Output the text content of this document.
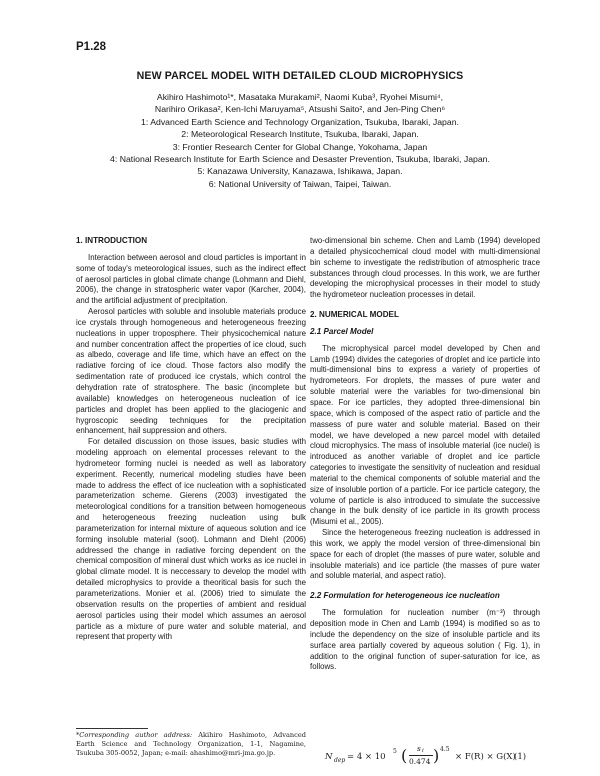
P1.28
NEW PARCEL MODEL WITH DETAILED CLOUD MICROPHYSICS
Akihiro Hashimoto¹*, Masataka Murakami², Naomi Kuba³, Ryohei Misumi⁴,
Narihiro Orikasa², Ken-Ichi Maruyama⁵, Atsushi Saito², and Jen-Ping Chen⁶
1: Advanced Earth Science and Technology Organization, Tsukuba, Ibaraki, Japan.
2: Meteorological Research Institute, Tsukuba, Ibaraki, Japan.
3: Frontier Research Center for Global Change, Yokohama, Japan
4: National Research Institute for Earth Science and Desaster Prevention, Tsukuba, Ibaraki, Japan.
5: Kanazawa University, Kanazawa, Ishikawa, Japan.
6: National University of Taiwan, Taipei, Taiwan.
1. INTRODUCTION

Interaction between aerosol and cloud particles is important in some of today's meteorological issues, such as the indirect effect of aerosol particles in global climate change (Lohmann and Diehl, 2006), the change in stratospheric water vapor (Karcher, 2004), and the artificial adjustment of precipitation.

Aerosol particles with soluble and insoluble materials produce ice crystals through homogeneous and heterogeneous freezing nucleations in upper troposphere. Their physicochemical nature and number concentration affect the properties of ice cloud, such as albedo, coverage and life time, which have an effect on the radiative forcing of ice cloud. Those factors also modify the sedimentation rate of produced ice crystals, which control the dehydration rate of stratosphere. The basic (incomplete but available) knowledges on heterogeneous nucleation of ice particles and droplet has been applied to the glaciogenic and hygroscopic seeding techniques for the precipitation enhancement, hail suppression and others.

For detailed discussion on those issues, basic studies with modeling approach on elemental processes relevant to the hydrometeor forming nuclei is needed as well as laboratory experiment. Recently, numerical modeling studies have been made to address the effect of ice nucleation with a sophisticated parameterization scheme. Gierens (2003) investigated the meteorological conditions for a transition between homogeneous and heterogeneous freezing nucleation using bulk parameterization for internal mixture of aqueous solution and ice forming insoluble material (soot). Lohmann and Diehl (2006) addressed the change in radiative forcing dependent on the chemical composition of mineral dust which works as ice nuclei in global climate model. It is neccessary to develop the model with detailed microphysics to provide a theoritical basis for such the parameterizations. Monier et al. (2006) tried to simulate the observation results on the properties of ambient and residual aerosol particles using their model which assumes an aerosol particle as a mixture of pure water and soluble material, and represent that property with

two-dimensional bin scheme. Chen and Lamb (1994) developed a detailed physicochemical cloud model with multi-dimensional bin scheme to investigate the redistribution of atmospheric trace substances through cloud processes. In this work, we are further developing the microphysical processes in their model to study the hydrometeor nucleation processes in detail.

2. NUMERICAL MODEL
2.1 Parcel Model

The microphysical parcel model developed by Chen and Lamb (1994) divides the categories of droplet and ice particle into multi-dimensional bins to express a variety of properties of hydrometeors. For droplets, the masses of pure water and soluble material were the variables for two-dimensional bin space. For ice particles, they adopted three-dimensional bin space, which is composed of the aspect ratio of particle and the massess of pure water and soluble material. Based on their model, we have developed a new parcel model with detailed cloud microphysics. The mass of insoluble material (ice nuclei) is introduced as another variable of droplet and ice particle categories to investigate the sensitivity of nucleation and residual material to the chemical components of soluble material and the size of insoluble portion of a particle. For ice particle category, the volume of particle is also introduced to simulate the successive change in the bulk density of ice particle in its growth process (Misumi et al., 2005).

Since the heterogeneous freezing nucleation is addressed in this work, we apply the model version of three-dimensional bin space for each of droplet (the masses of pure water, soluble and insoluble materials) and ice particle (the masses of pure water and soluble material, and aspect ratio).

2.2 Formulation for heterogeneous ice nucleation

The formulation for nucleation number (m⁻³) through deposition mode in Chen and Lamb (1994) is modified so as to include the dependency on the size of insoluble particle and its surface area partially covered by aqueous solution ( Fig. 1), in addition to the original function of super-saturation for ice, as follows.

*Corresponding author address: Akihiro Hashimoto, Advanced Earth Science and Technology Organization, 1-1, Nagamine, Tsukuba 305-0052, Japan; e-mail: ahashimo@mri-jma.go.jp.	N dep = 4 × 10
5 ( s i
0.474 ) 4.5
× F(R) × G(X)
(1)
